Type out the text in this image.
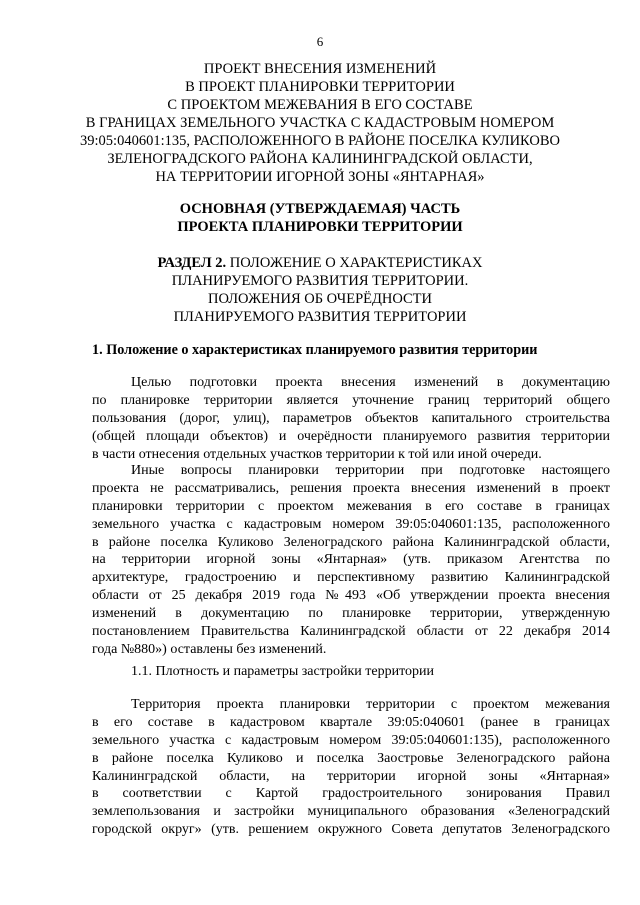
6
ПРОЕКТ ВНЕСЕНИЯ ИЗМЕНЕНИЙ
В ПРОЕКТ ПЛАНИРОВКИ ТЕРРИТОРИИ
С ПРОЕКТОМ МЕЖЕВАНИЯ В ЕГО СОСТАВЕ
В ГРАНИЦАХ ЗЕМЕЛЬНОГО УЧАСТКА С КАДАСТРОВЫМ НОМЕРОМ
39:05:040601:135, РАСПОЛОЖЕННОГО В РАЙОНЕ ПОСЕЛКА КУЛИКОВО
ЗЕЛЕНОГРАДСКОГО РАЙОНА КАЛИНИНГРАДСКОЙ ОБЛАСТИ,
НА ТЕРРИТОРИИ ИГОРНОЙ ЗОНЫ «ЯНТАРНАЯ»
ОСНОВНАЯ (УТВЕРЖДАЕМАЯ) ЧАСТЬ
ПРОЕКТА ПЛАНИРОВКИ ТЕРРИТОРИИ
РАЗДЕЛ 2. ПОЛОЖЕНИЕ О ХАРАКТЕРИСТИКАХ
ПЛАНИРУЕМОГО РАЗВИТИЯ ТЕРРИТОРИИ.
ПОЛОЖЕНИЯ ОБ ОЧЕРЁДНОСТИ
ПЛАНИРУЕМОГО РАЗВИТИЯ ТЕРРИТОРИИ
1. Положение о характеристиках планируемого развития территории
Целью подготовки проекта внесения изменений в документацию
по планировке территории является уточнение границ территорий общего
пользования (дорог, улиц), параметров объектов капитального строительства
(общей площади объектов) и очерёдности планируемого развития территории
в части отнесения отдельных участков территории к той или иной очереди.
Иные вопросы планировки территории при подготовке настоящего
проекта не рассматривались, решения проекта внесения изменений в проект
планировки территории с проектом межевания в его составе в границах
земельного участка с кадастровым номером 39:05:040601:135, расположенного
в районе поселка Куликово Зеленоградского района Калининградской области,
на территории игорной зоны «Янтарная» (утв. приказом Агентства по
архитектуре, градостроению и перспективному развитию Калининградской
области от 25 декабря 2019 года №493 «Об утверждении проекта внесения
изменений в документацию по планировке территории, утвержденную
постановлением Правительства Калининградской области от 22 декабря 2014
года №880») оставлены без изменений.
1.1. Плотность и параметры застройки территории
Территория проекта планировки территории с проектом межевания
в его составе в кадастровом квартале 39:05:040601 (ранее в границах
земельного участка с кадастровым номером 39:05:040601:135), расположенного
в районе поселка Куликово и поселка Заостровье Зеленоградского района
Калининградской области, на территории игорной зоны «Янтарная»
в соответствии с Картой градостроительного зонирования Правил
землепользования и застройки муниципального образования «Зеленоградский
городской округ» (утв. решением окружного Совета депутатов Зеленоградского
